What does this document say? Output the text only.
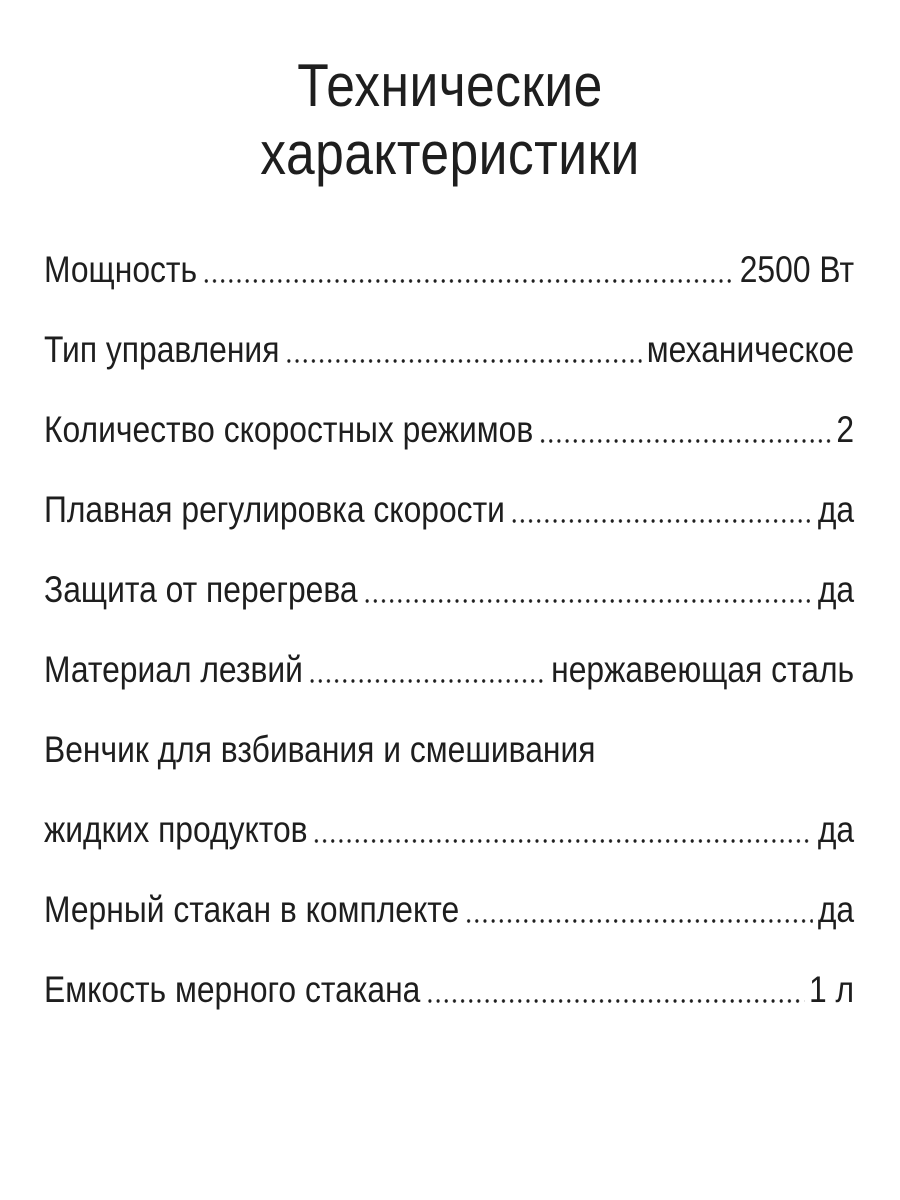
Технические
характеристики
Мощность	2500 Вт
Тип управления	механическое
Количество скоростных режимов	2
Плавная регулировка скорости	да
Защита от перегрева	да
Материал лезвий	нержавеющая сталь
Венчик для взбивания и смешивания
жидких продуктов	да
Мерный стакан в комплекте	да
Емкость мерного стакана	1 л
